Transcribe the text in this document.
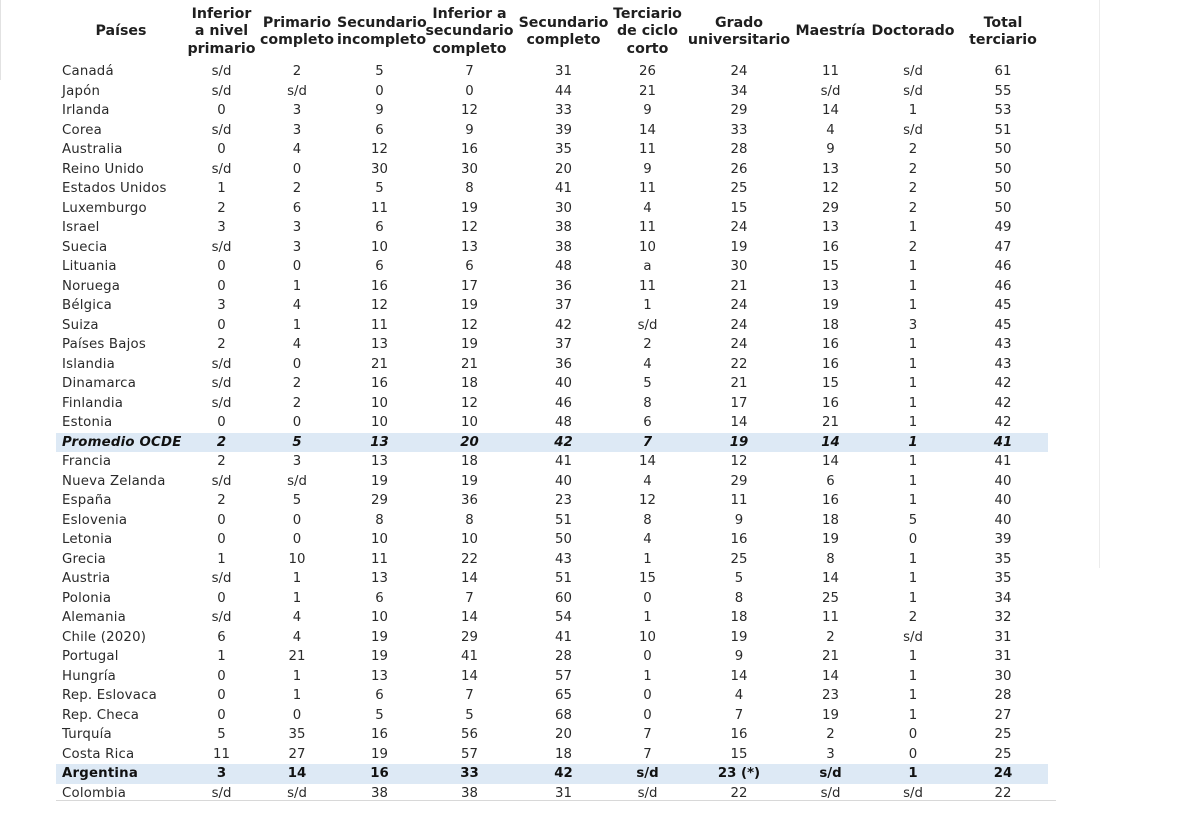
Países	Inferior a nivel primario	Primario completo	Secundario incompleto	Inferior a secundario completo	Secundario completo	Terciario de ciclo corto	Grado universitario	Maestría	Doctorado	Total terciario
Canadá	s/d	2	5	7	31	26	24	11	s/d	61
Japón	s/d	s/d	0	0	44	21	34	s/d	s/d	55
Irlanda	0	3	9	12	33	9	29	14	1	53
Corea	s/d	3	6	9	39	14	33	4	s/d	51
Australia	0	4	12	16	35	11	28	9	2	50
Reino Unido	s/d	0	30	30	20	9	26	13	2	50
Estados Unidos	1	2	5	8	41	11	25	12	2	50
Luxemburgo	2	6	11	19	30	4	15	29	2	50
Israel	3	3	6	12	38	11	24	13	1	49
Suecia	s/d	3	10	13	38	10	19	16	2	47
Lituania	0	0	6	6	48	a	30	15	1	46
Noruega	0	1	16	17	36	11	21	13	1	46
Bélgica	3	4	12	19	37	1	24	19	1	45
Suiza	0	1	11	12	42	s/d	24	18	3	45
Países Bajos	2	4	13	19	37	2	24	16	1	43
Islandia	s/d	0	21	21	36	4	22	16	1	43
Dinamarca	s/d	2	16	18	40	5	21	15	1	42
Finlandia	s/d	2	10	12	46	8	17	16	1	42
Estonia	0	0	10	10	48	6	14	21	1	42
Promedio OCDE	2	5	13	20	42	7	19	14	1	41
Francia	2	3	13	18	41	14	12	14	1	41
Nueva Zelanda	s/d	s/d	19	19	40	4	29	6	1	40
España	2	5	29	36	23	12	11	16	1	40
Eslovenia	0	0	8	8	51	8	9	18	5	40
Letonia	0	0	10	10	50	4	16	19	0	39
Grecia	1	10	11	22	43	1	25	8	1	35
Austria	s/d	1	13	14	51	15	5	14	1	35
Polonia	0	1	6	7	60	0	8	25	1	34
Alemania	s/d	4	10	14	54	1	18	11	2	32
Chile (2020)	6	4	19	29	41	10	19	2	s/d	31
Portugal	1	21	19	41	28	0	9	21	1	31
Hungría	0	1	13	14	57	1	14	14	1	30
Rep. Eslovaca	0	1	6	7	65	0	4	23	1	28
Rep. Checa	0	0	5	5	68	0	7	19	1	27
Turquía	5	35	16	56	20	7	16	2	0	25
Costa Rica	11	27	19	57	18	7	15	3	0	25
Argentina	3	14	16	33	42	s/d	23 (*)	s/d	1	24
Colombia	s/d	s/d	38	38	31	s/d	22	s/d	s/d	22
